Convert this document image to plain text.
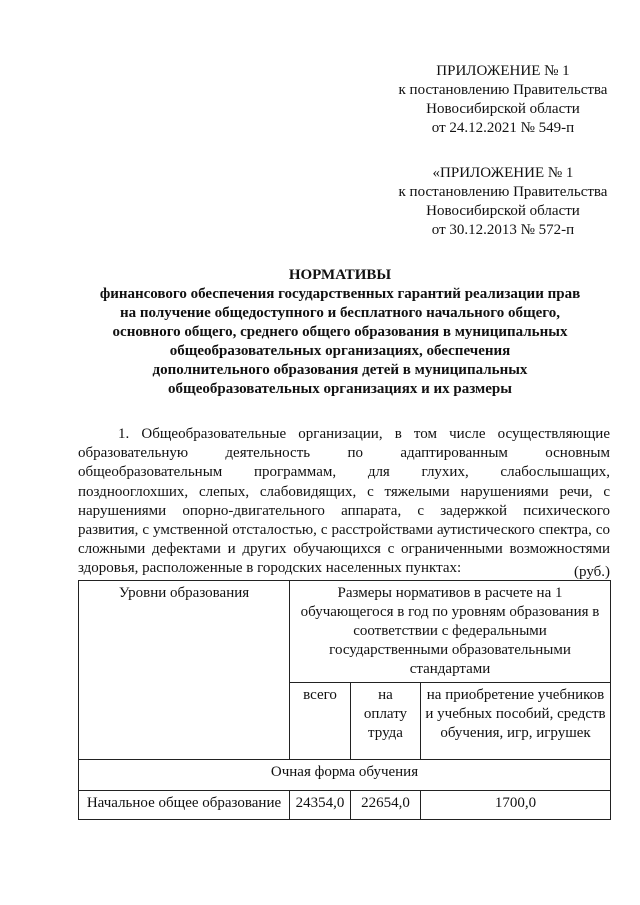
ПРИЛОЖЕНИЕ № 1
к постановлению Правительства
Новосибирской области
от 24.12.2021 № 549-п
«ПРИЛОЖЕНИЕ № 1
к постановлению Правительства
Новосибирской области
от 30.12.2013 № 572-п
НОРМАТИВЫ
финансового обеспечения государственных гарантий реализации прав
на получение общедоступного и бесплатного начального общего,
основного общего, среднего общего образования в муниципальных
общеобразовательных организациях, обеспечения
дополнительного образования детей в муниципальных
общеобразовательных организациях и их размеры
1. Общеобразовательные организации, в том числе осуществляющие образовательную деятельность по адаптированным основным общеобразовательным программам, для глухих, слабослышащих, позднооглохших, слепых, слабовидящих, с тяжелыми нарушениями речи, с нарушениями опорно-двигательного аппарата, с задержкой психического развития, с умственной отсталостью, с расстройствами аутистического спектра, со сложными дефектами и других обучающихся с ограниченными возможностями здоровья, расположенные в городских населенных пунктах:	(руб.)
Уровни образования	Размеры нормативов в расчете на 1 обучающегося в год по уровням образования в соответствии с федеральными государственными образовательными стандартами		
	всего	на оплату труда	на приобретение учебников и учебных пособий, средств обучения, игр, игрушек
Очная форма обучения			
Начальное общее образование	24354,0	22654,0	1700,0
